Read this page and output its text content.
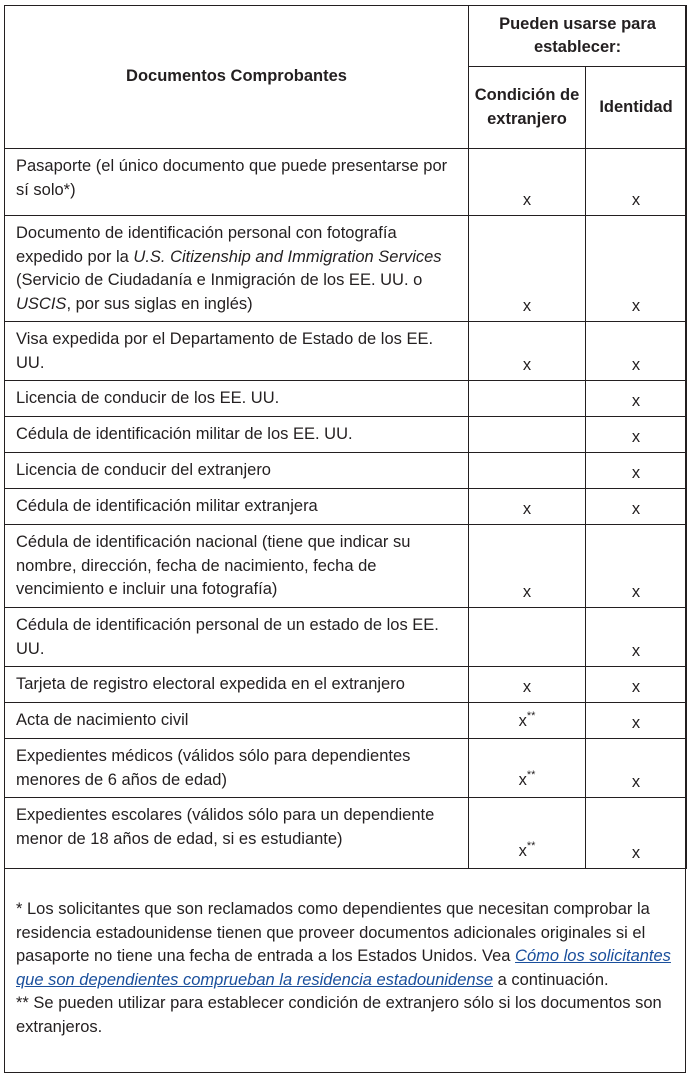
Documentos Comprobantes	Pueden usarse para establecer:	
	Condición de extranjero	Identidad
Pasaporte (el único documento que puede presentarse por sí solo*)	x	x
Documento de identificación personal con fotografía expedido por la U.S. Citizenship and Immigration Services (Servicio de Ciudadanía e Inmigración de los EE. UU. o USCIS, por sus siglas en inglés)	x	x
Visa expedida por el Departamento de Estado de los EE. UU.	x	x
Licencia de conducir de los EE. UU.		x
Cédula de identificación militar de los EE. UU.		x
Licencia de conducir del extranjero		x
Cédula de identificación militar extranjera	x	x
Cédula de identificación nacional (tiene que indicar su nombre, dirección, fecha de nacimiento, fecha de vencimiento e incluir una fotografía)	x	x
Cédula de identificación personal de un estado de los EE. UU.		x
Tarjeta de registro electoral expedida en el extranjero	x	x
Acta de nacimiento civil	x**	x
Expedientes médicos (válidos sólo para dependientes menores de 6 años de edad)	x**	x
Expedientes escolares (válidos sólo para un dependiente menor de 18 años de edad, si es estudiante)	x**	x
* Los solicitantes que son reclamados como dependientes que necesitan comprobar la residencia estadounidense tienen que proveer documentos adicionales originales si el pasaporte no tiene una fecha de entrada a los Estados Unidos. Vea Cómo los solicitantes que son dependientes comprueban la residencia estadounidense a continuación.
** Se pueden utilizar para establecer condición de extranjero sólo si los documentos son extranjeros.
